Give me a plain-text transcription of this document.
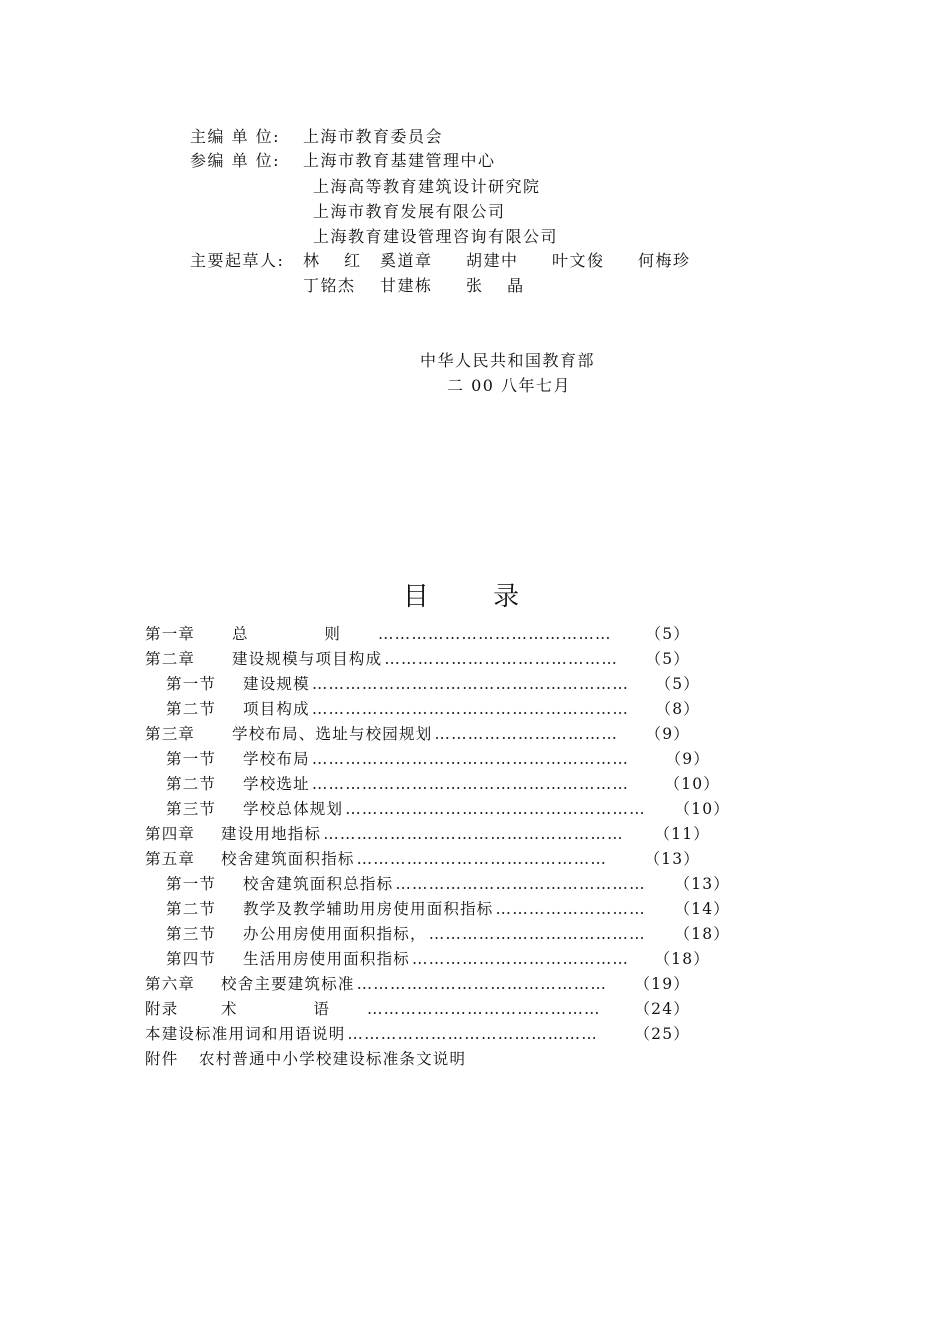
主编 单 位: 上海市教育委员会
参编 单 位: 上海市教育基建管理中心
上海高等教育建筑设计研究院
上海市教育发展有限公司
上海教育建设管理咨询有限公司
主要起草人: 林 红 奚道章 胡建中 叶文俊 何梅珍
丁铭杰 甘建栋 张 晶
中华人民共和国教育部
二 00 八年七月
目 录
第一章 总 则 …………………………………… （5）
第二章 建设规模与项目构成 …………………………………… （5）
第一节 建设规模 ………………………………………………… （5）
第二节 项目构成 ………………………………………………… （8）
第三章 学校布局、选址与校园规划 …………………………… （9）
第一节 学校布局 ………………………………………………… （9）
第二节 学校选址 ………………………………………………… （10）
第三节 学校总体规划 ……………………………………………… （10）
第四章 建设用地指标 ……………………………………………… （11）
第五章 校舍建筑面积指标 ……………………………………… （13）
第一节 校舍建筑面积总指标 ……………………………………… （13）
第二节 教学及教学辅助用房使用面积指标 ……………………… （14）
第三节 办公用房使用面积指标， ………………………………… （18）
第四节 生活用房使用面积指标 ………………………………… （18）
第六章 校舍主要建筑标准 ……………………………………… （19）
附录	术 语 …………………………………… （24）
本建设标准用词和用语说明 ……………………………………… （25）
附件 农村普通中小学校建设标准条文说明
